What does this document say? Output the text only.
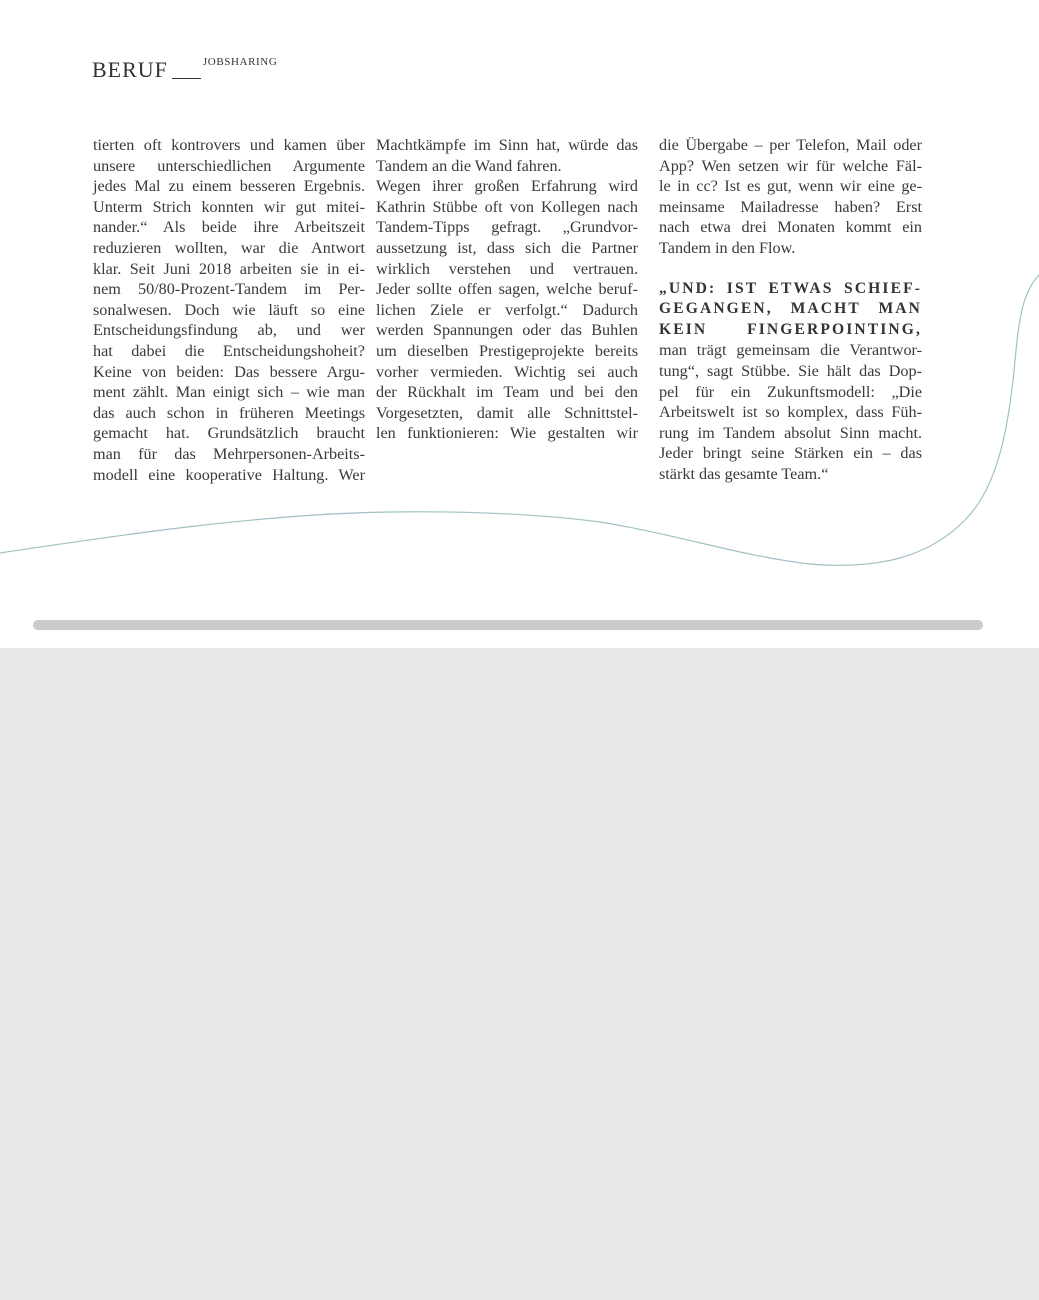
BERUF	JOBSHARING
tierten oft kontrovers und kamen über
unsere unterschiedlichen Argumente
jedes Mal zu einem besseren Ergebnis.
Unterm Strich konnten wir gut mitei-
nander.“ Als beide ihre Arbeitszeit
reduzieren wollten, war die Antwort
klar. Seit Juni 2018 arbeiten sie in ei-
nem 50/80-Prozent-Tandem im Per-
sonalwesen. Doch wie läuft so eine
Entscheidungsfindung ab, und wer
hat dabei die Entscheidungshoheit?
Keine von beiden: Das bessere Argu-
ment zählt. Man einigt sich – wie man
das auch schon in früheren Meetings
gemacht hat. Grundsätzlich braucht
man für das Mehrpersonen-Arbeits-
modell eine kooperative Haltung. Wer
Machtkämpfe im Sinn hat, würde das
Tandem an die Wand fahren.
Wegen ihrer großen Erfahrung wird
Kathrin Stübbe oft von Kollegen nach
Tandem-Tipps gefragt. „Grundvor-
aussetzung ist, dass sich die Partner
wirklich verstehen und vertrauen.
Jeder sollte offen sagen, welche beruf-
lichen Ziele er verfolgt.“ Dadurch
werden Spannungen oder das Buhlen
um dieselben Prestigeprojekte bereits
vorher vermieden. Wichtig sei auch
der Rückhalt im Team und bei den
Vorgesetzten, damit alle Schnittstel-
len funktionieren: Wie gestalten wir
die Übergabe – per Telefon, Mail oder
App? Wen setzen wir für welche Fäl-
le in cc? Ist es gut, wenn wir eine ge-
meinsame Mailadresse haben? Erst
nach etwa drei Monaten kommt ein
Tandem in den Flow.
„UND: IST ETWAS SCHIEF-
GEGANGEN, MACHT MAN
KEIN FINGERPOINTING,
man trägt gemeinsam die Verantwor-
tung“, sagt Stübbe. Sie hält das Dop-
pel für ein Zukunftsmodell: „Die
Arbeitswelt ist so komplex, dass Füh-
rung im Tandem absolut Sinn macht.
Jeder bringt seine Stärken ein – das
stärkt das gesamte Team.“
